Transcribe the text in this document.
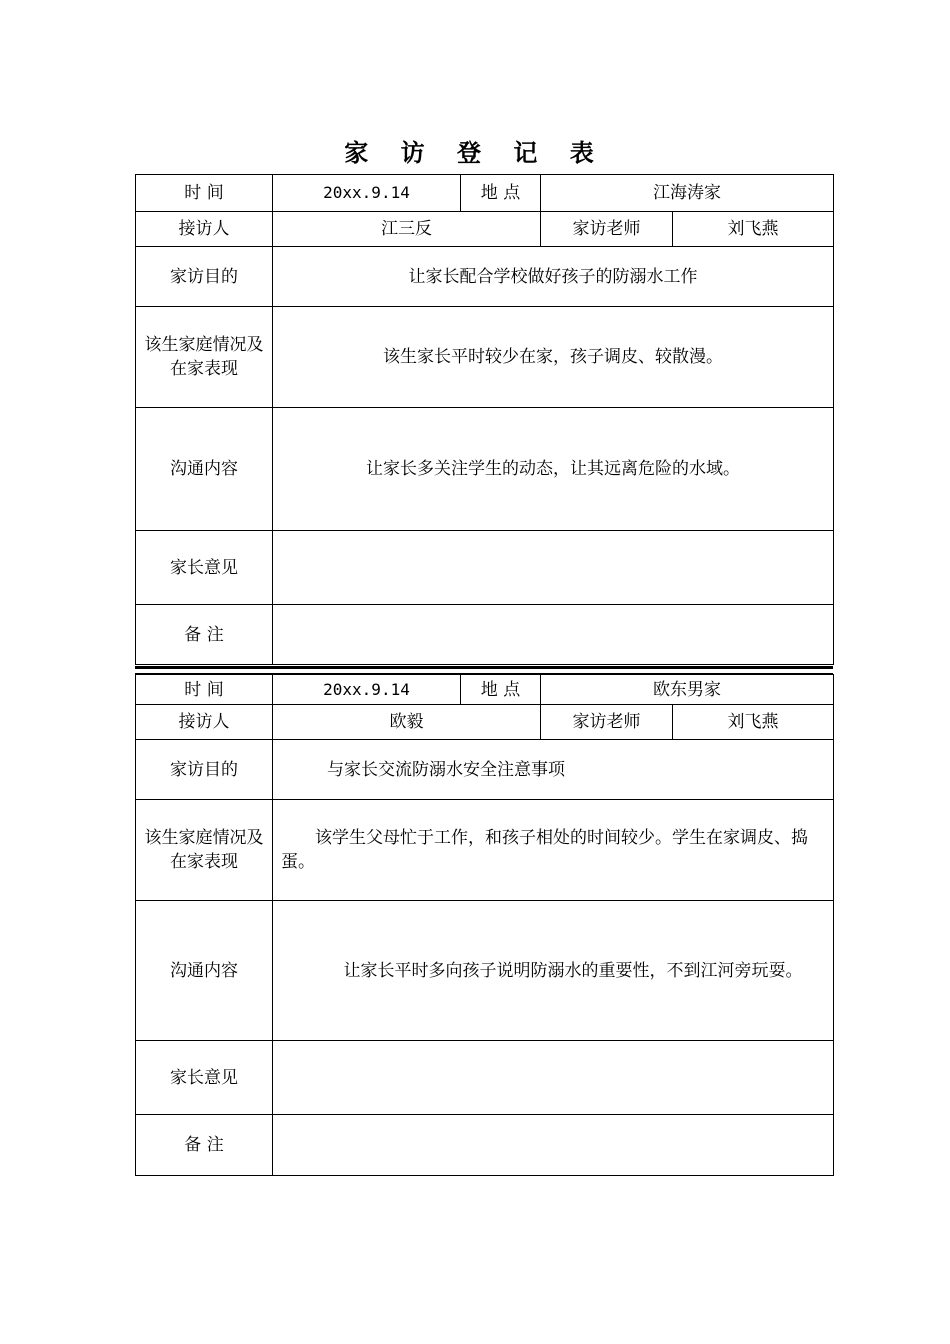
家 访 登 记 表
时 间	20xx.9.14	地 点	江海涛家	
接访人	江三反		家访老师	刘飞燕
家访目的	让家长配合学校做好孩子的防溺水工作			
该生家庭情况及在家表现	该生家长平时较少在家，孩子调皮、较散漫。			
沟通内容	让家长多关注学生的动态，让其远离危险的水域。			
家长意见				
备 注				
时 间	20xx.9.14	地 点	欧东男家	
接访人	欧毅		家访老师	刘飞燕
家访目的	与家长交流防溺水安全注意事项			
该生家庭情况及在家表现	该学生父母忙于工作，和孩子相处的时间较少。学生在家调皮、捣蛋。			
沟通内容	让家长平时多向孩子说明防溺水的重要性，不到江河旁玩耍。			
家长意见				
备 注				
